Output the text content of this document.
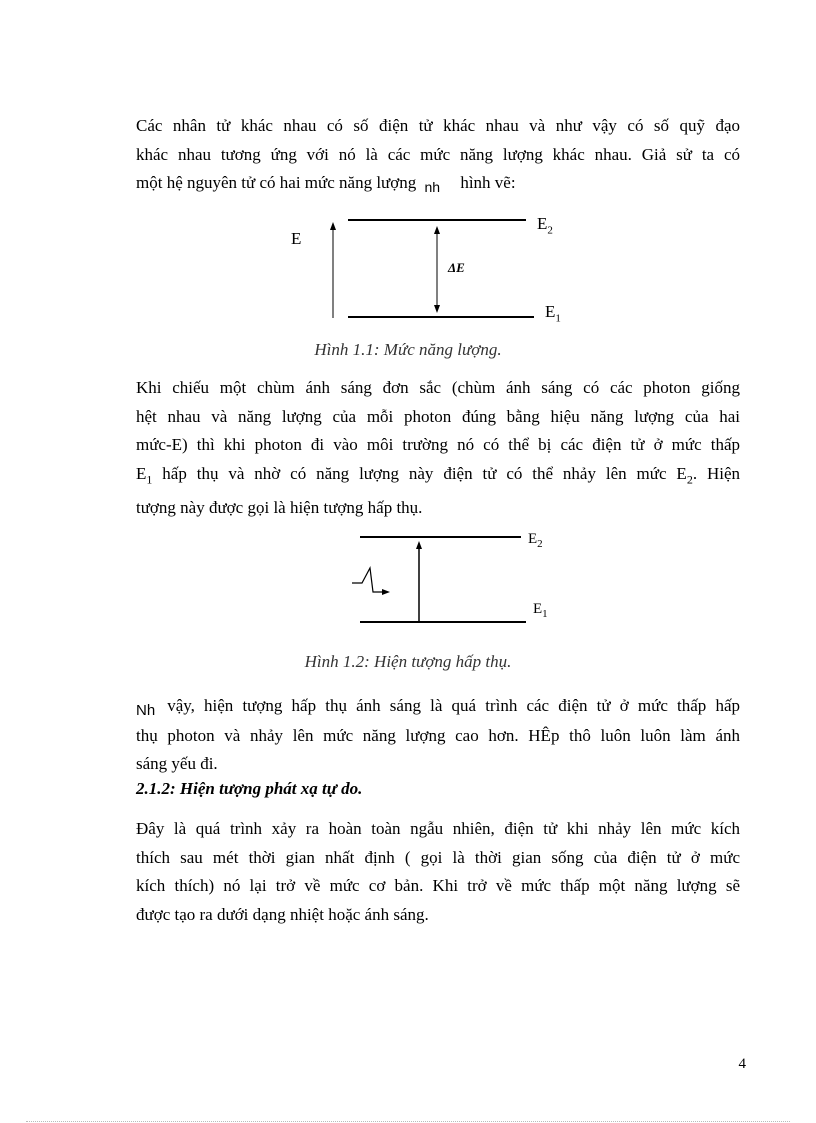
Các nhân tử khác nhau có số điện tử khác nhau và như vậy có số quỹ đạo
khác nhau tương ứng với nó là các mức năng lượng khác nhau. Giả sử ta có
một hệ nguyên tử có hai mức năng lượng $_{nh}$ hình vẽ:
E
$E_2$
$E_1$
ΔE

Hình 1.1: Mức năng lượng.

Khi chiếu một chùm ánh sáng đơn sắc (chùm ánh sáng có các photon giống
hệt nhau và năng lượng của mỗi photon đúng bằng hiệu năng lượng của hai
mức-E) thì khi photon đi vào môi trường nó có thể bị các điện tử ở mức thấp
$E_1$ hấp thụ và nhờ có năng lượng này điện tử có thể nhảy lên mức $E_2$. Hiện
tượng này được gọi là hiện tượng hấp thụ.
$E_2$
$E_1$

Hình 1.2: Hiện tượng hấp thụ.

Nh vậy, hiện tượng hấp thụ ánh sáng là quá trình các điện tử ở mức thấp hấp
thụ photon và nhảy lên mức năng lượng cao hơn. HÊp thô luôn luôn làm ánh
sáng yếu đi.

2.1.2: Hiện tượng phát xạ tự do.

Đây là quá trình xảy ra hoàn toàn ngẫu nhiên, điện tử khi nhảy lên mức kích
thích sau mét thời gian nhất định ( gọi là thời gian sống của điện tử ở mức
kích thích) nó lại trở về mức cơ bản. Khi trở về mức thấp một năng lượng sẽ
được tạo ra dưới dạng nhiệt hoặc ánh sáng.
4
